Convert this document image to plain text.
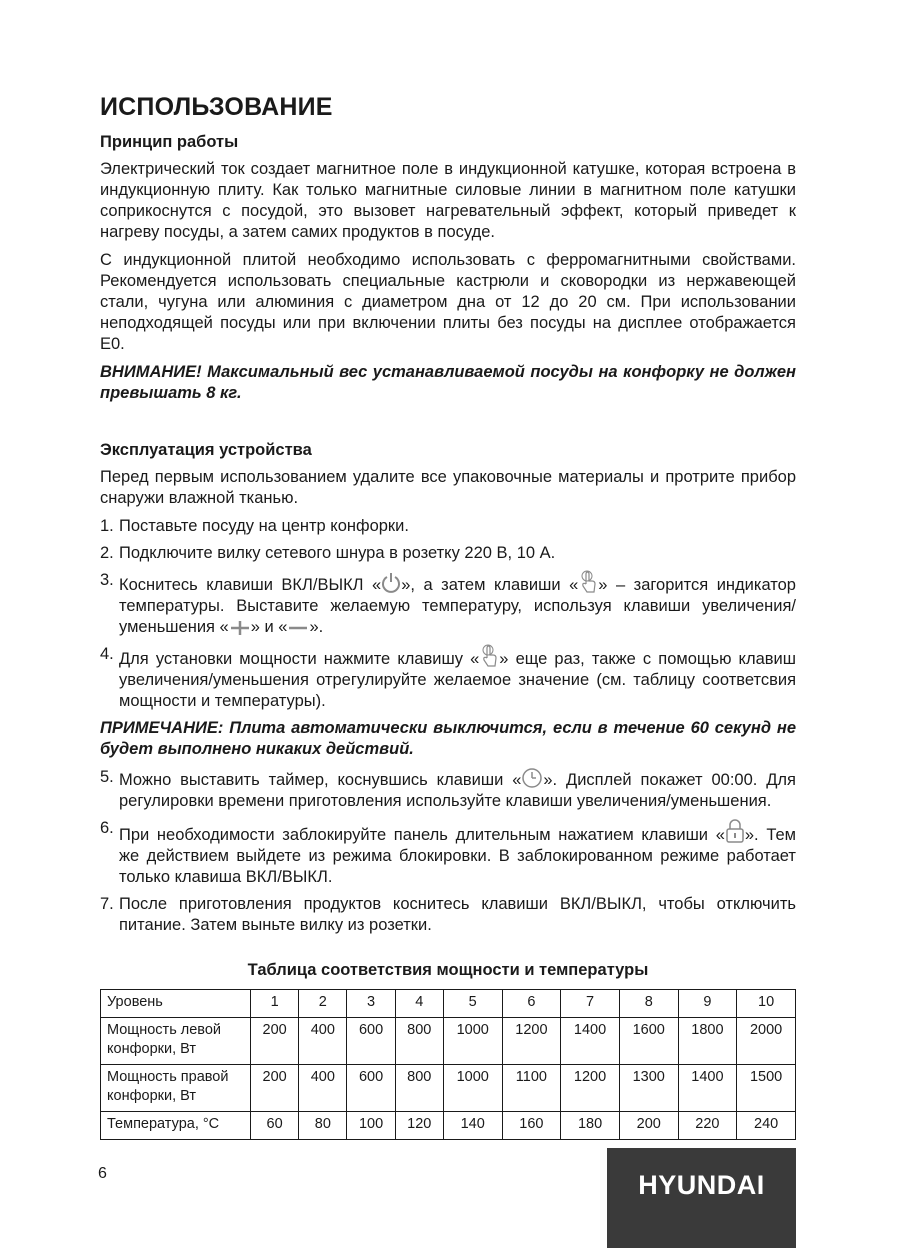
ИСПОЛЬЗОВАНИЕ
Принцип работы

Электрический ток создает магнитное поле в индукционной катушке, которая встроена в индукционную плиту. Как только магнитные силовые линии в магнитном поле катушки соприкоснутся с посудой, это вызовет нагревательный эффект, который приведет к нагреву посуды, а затем самих продуктов в посуде.

С индукционной плитой необходимо использовать с ферромагнитными свойствами. Рекомендуется использовать специальные кастрюли и сковородки из нержавеющей стали, чугуна или алюминия с диаметром дна от 12 до 20 см. При использовании неподходящей посуды или при включении плиты без посуды на дисплее отображается Е0.

ВНИМАНИЕ! Максимальный вес устанавливаемой посуды на конфорку не должен превышать 8 кг.

Эксплуатация устройства

Перед первым использованием удалите все упаковочные материалы и протрите прибор снаружи влажной тканью.

1. Поставьте посуду на центр конфорки.
2. Подключите вилку сетевого шнура в розетку 220 В, 10 А.
3. Коснитесь клавиши ВКЛ/ВЫКЛ « », а затем клавиши « » – загорится индикатор температуры. Выставите желаемую температуру, используя клавиши увеличения/уменьшения « » и « ».
4. Для установки мощности нажмите клавишу « » еще раз, также с помощью клавиш увеличения/уменьшения отрегулируйте желаемое значение (см. таблицу соответсвия мощности и температуры).

ПРИМЕЧАНИЕ: Плита автоматически выключится, если в течение 60 секунд не будет выполнено никаких действий.

5. Можно выставить таймер, коснувшись клавиши « ». Дисплей покажет 00:00. Для регулировки времени приготовления используйте клавиши увеличения/уменьшения.
6. При необходимости заблокируйте панель длительным нажатием клавиши « ». Тем же действием выйдете из режима блокировки. В заблокированном режиме работает только клавиша ВКЛ/ВЫКЛ.
7. После приготовления продуктов коснитесь клавиши ВКЛ/ВЫКЛ, чтобы отключить питание. Затем выньте вилку из розетки.
Таблица соответствия мощности и температуры
Уровень	1	2	3	4	5	6	7	8	9	10
Мощность левой конфорки, Вт	200	400	600	800	1000	1200	1400	1600	1800	2000
Мощность правой конфорки, Вт	200	400	600	800	1000	1100	1200	1300	1400	1500
Температура, °C	60	80	100	120	140	160	180	200	220	240
6	HYUNDAI
